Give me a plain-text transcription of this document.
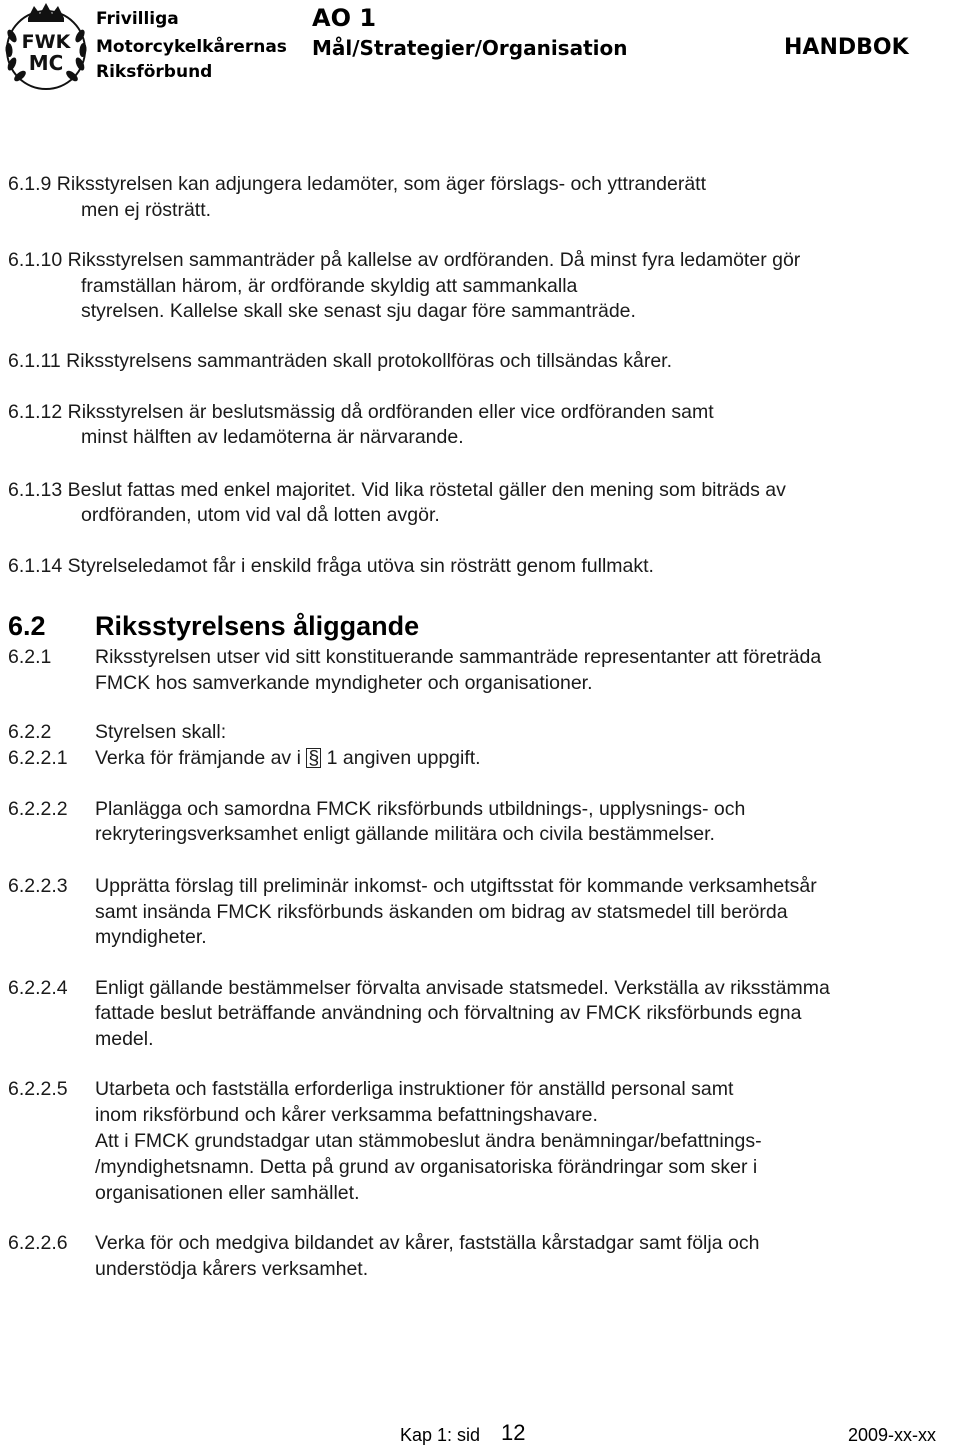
FWK
MC
Frivilliga
Motorcykelkårernas
Riksförbund
AO 1
Mål/Strategier/Organisation	HANDBOK
6.1.9 Riksstyrelsen kan adjungera ledamöter, som äger förslags- och yttranderätt
men ej rösträtt.
6.1.10 Riksstyrelsen sammanträder på kallelse av ordföranden. Då minst fyra ledamöter gör
framställan härom, är ordförande skyldig att sammankalla
styrelsen. Kallelse skall ske senast sju dagar före sammanträde.
6.1.11 Riksstyrelsens sammanträden skall protokollföras och tillsändas kårer.
6.1.12 Riksstyrelsen är beslutsmässig då ordföranden eller vice ordföranden samt
minst hälften av ledamöterna är närvarande.
6.1.13 Beslut fattas med enkel majoritet. Vid lika röstetal gäller den mening som biträds av
ordföranden, utom vid val då lotten avgör.
6.1.14 Styrelseledamot får i enskild fråga utöva sin rösträtt genom fullmakt.
6.2 Riksstyrelsens åliggande
6.2.1 Riksstyrelsen utser vid sitt konstituerande sammanträde representanter att företräda
FMCK hos samverkande myndigheter och organisationer.
6.2.2 Styrelsen skall:
6.2.2.1 Verka för främjande av i § 1 angiven uppgift.
6.2.2.2 Planlägga och samordna FMCK riksförbunds utbildnings-, upplysnings- och
rekryteringsverksamhet enligt gällande militära och civila bestämmelser.
6.2.2.3 Upprätta förslag till preliminär inkomst- och utgiftsstat för kommande verksamhetsår
samt insända FMCK riksförbunds äskanden om bidrag av statsmedel till berörda
myndigheter.
6.2.2.4 Enligt gällande bestämmelser förvalta anvisade statsmedel. Verkställa av riksstämma
fattade beslut beträffande användning och förvaltning av FMCK riksförbunds egna
medel.
6.2.2.5 Utarbeta och fastställa erforderliga instruktioner för anställd personal samt
inom riksförbund och kårer verksamma befattningshavare.
Att i FMCK grundstadgar utan stämmobeslut ändra benämningar/befattnings-
/myndighetsnamn. Detta på grund av organisatoriska förändringar som sker i
organisationen eller samhället.
6.2.2.6 Verka för och medgiva bildandet av kårer, fastställa kårstadgar samt följa och
understödja kårers verksamhet.
Kap 1: sid 12	2009-xx-xx
